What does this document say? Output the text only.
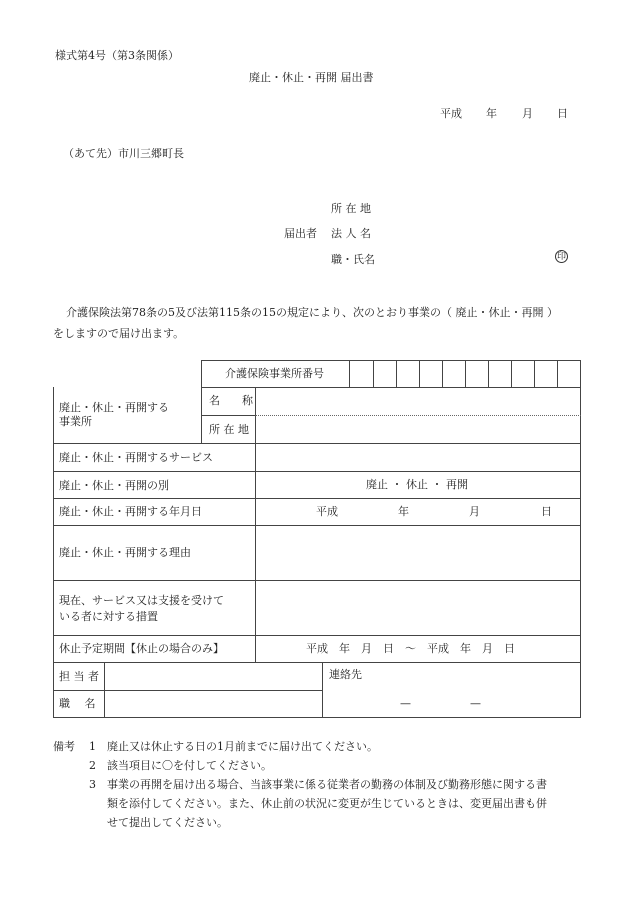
様式第4号（第3条関係）
廃止・休止・再開 届出書
平成 年 月 日
（あて先）市川三郷町長
所 在 地
届出者 法 人 名
職・氏名	印
介護保険法第78条の5及び法第115条の15の規定により、次のとおり事業の（ 廃止・休止・再開 ）
をしますので届け出ます。
介護保険事業所番号
廃止・休止・再開する
事業所
名　　称
所 在 地
廃止・休止・再開するサービス
廃止・休止・再開の別	廃止 ・ 休止 ・ 再開
廃止・休止・再開する年月日	平成	年	月	日
廃止・休止・再開する理由
現在、サービス又は支援を受けて
いる者に対する措置
休止予定期間【休止の場合のみ】	平成　年　月　日　～　平成　年　月　日
担 当 者
職　 名
連絡先
—	—
備考 1 廃止又は休止する日の1月前までに届け出てください。
2 該当項目に〇を付してください。
3 事業の再開を届け出る場合、当該事業に係る従業者の勤務の体制及び勤務形態に関する書
類を添付してください。また、休止前の状況に変更が生じているときは、変更届出書も併
せて提出してください。
